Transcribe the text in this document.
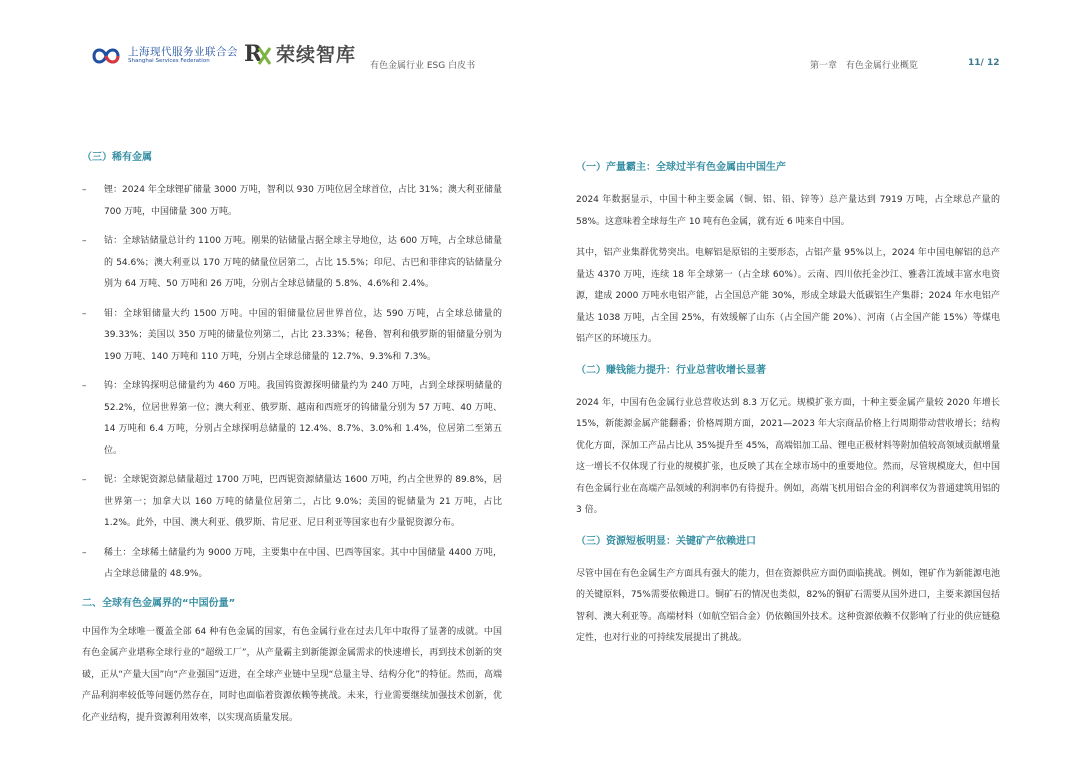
上海现代服务业联合会
Shanghai Services Federation R 荣续智库 有色金属行业 ESG 白皮书	第一章 有色金属行业概览	11/ 12

（三）稀有金属

– 锂：2024 年全球锂矿储量 3000 万吨，智利以 930 万吨位居全球首位，占比 31%；澳大利亚储量 700 万吨，中国储量 300 万吨。
– 钴：全球钴储量总计约 1100 万吨。刚果的钴储量占据全球主导地位，达 600 万吨，占全球总储量的 54.6%；澳大利亚以 170 万吨的储量位居第二，占比 15.5%；印尼、古巴和菲律宾的钴储量分别为 64 万吨、50 万吨和 26 万吨，分别占全球总储量的 5.8%、4.6%和 2.4%。
– 钼：全球钼储量大约 1500 万吨。中国的钼储量位居世界首位，达 590 万吨，占全球总储量的 39.33%；美国以 350 万吨的储量位列第二，占比 23.33%；秘鲁、智利和俄罗斯的钼储量分别为 190 万吨、140 万吨和 110 万吨，分别占全球总储量的 12.7%、9.3%和 7.3%。
– 钨：全球钨探明总储量约为 460 万吨。我国钨资源探明储量约为 240 万吨，占到全球探明储量的 52.2%，位居世界第一位；澳大利亚、俄罗斯、越南和西班牙的钨储量分别为 57 万吨、40 万吨、14 万吨和 6.4 万吨，分别占全球探明总储量的 12.4%、8.7%、3.0%和 1.4%，位居第二至第五位。
– 铌：全球铌资源总储量超过 1700 万吨，巴西铌资源储量达 1600 万吨，约占全世界的 89.8%，居世界第一；加拿大以 160 万吨的储量位居第二，占比 9.0%；美国的铌储量为 21 万吨，占比 1.2%。此外，中国、澳大利亚、俄罗斯、肯尼亚、尼日利亚等国家也有少量铌资源分布。
– 稀土：全球稀土储量约为 9000 万吨，主要集中在中国、巴西等国家。其中中国储量 4400 万吨，占全球总储量的 48.9%。

二、全球有色金属界的“中国份量”

中国作为全球唯一覆盖全部 64 种有色金属的国家，有色金属行业在过去几年中取得了显著的成就。中国有色金属产业堪称全球行业的“超级工厂”，从产量霸主到新能源金属需求的快速增长，再到技术创新的突破，正从“产量大国”向“产业强国”迈进，在全球产业链中呈现“总量主导、结构分化”的特征。然而，高端产品利润率较低等问题仍然存在，同时也面临着资源依赖等挑战。未来，行业需要继续加强技术创新，优化产业结构，提升资源利用效率，以实现高质量发展。

（一）产量霸主：全球过半有色金属由中国生产

2024 年数据显示，中国十种主要金属（铜、铝、铅、锌等）总产量达到 7919 万吨，占全球总产量的 58%。这意味着全球每生产 10 吨有色金属，就有近 6 吨来自中国。

其中，铝产业集群优势突出。电解铝是原铝的主要形态，占铝产量 95%以上，2024 年中国电解铝的总产量达 4370 万吨，连续 18 年全球第一（占全球 60%）。云南、四川依托金沙江、雅砻江流域丰富水电资源，建成 2000 万吨水电铝产能，占全国总产能 30%，形成全球最大低碳铝生产集群；2024 年水电铝产量达 1038 万吨，占全国 25%，有效缓解了山东（占全国产能 20%）、河南（占全国产能 15%）等煤电铝产区的环境压力。

（二）赚钱能力提升：行业总营收增长显著

2024 年，中国有色金属行业总营收达到 8.3 万亿元。规模扩张方面，十种主要金属产量较 2020 年增长 15%，新能源金属产能翻番；价格周期方面，2021—2023 年大宗商品价格上行周期带动营收增长；结构优化方面，深加工产品占比从 35%提升至 45%，高端铝加工品、锂电正极材料等附加值较高领域贡献增量这一增长不仅体现了行业的规模扩张，也反映了其在全球市场中的重要地位。然而，尽管规模庞大，但中国有色金属行业在高端产品领域的利润率仍有待提升。例如，高端飞机用铝合金的利润率仅为普通建筑用铝的 3 倍。

（三）资源短板明显：关键矿产依赖进口

尽管中国在有色金属生产方面具有强大的能力，但在资源供应方面仍面临挑战。例如，锂矿作为新能源电池的关键原料，75%需要依赖进口。铜矿石的情况也类似，82%的铜矿石需要从国外进口，主要来源国包括智利、澳大利亚等。高端材料（如航空铝合金）仍依赖国外技术。这种资源依赖不仅影响了行业的供应链稳定性，也对行业的可持续发展提出了挑战。
